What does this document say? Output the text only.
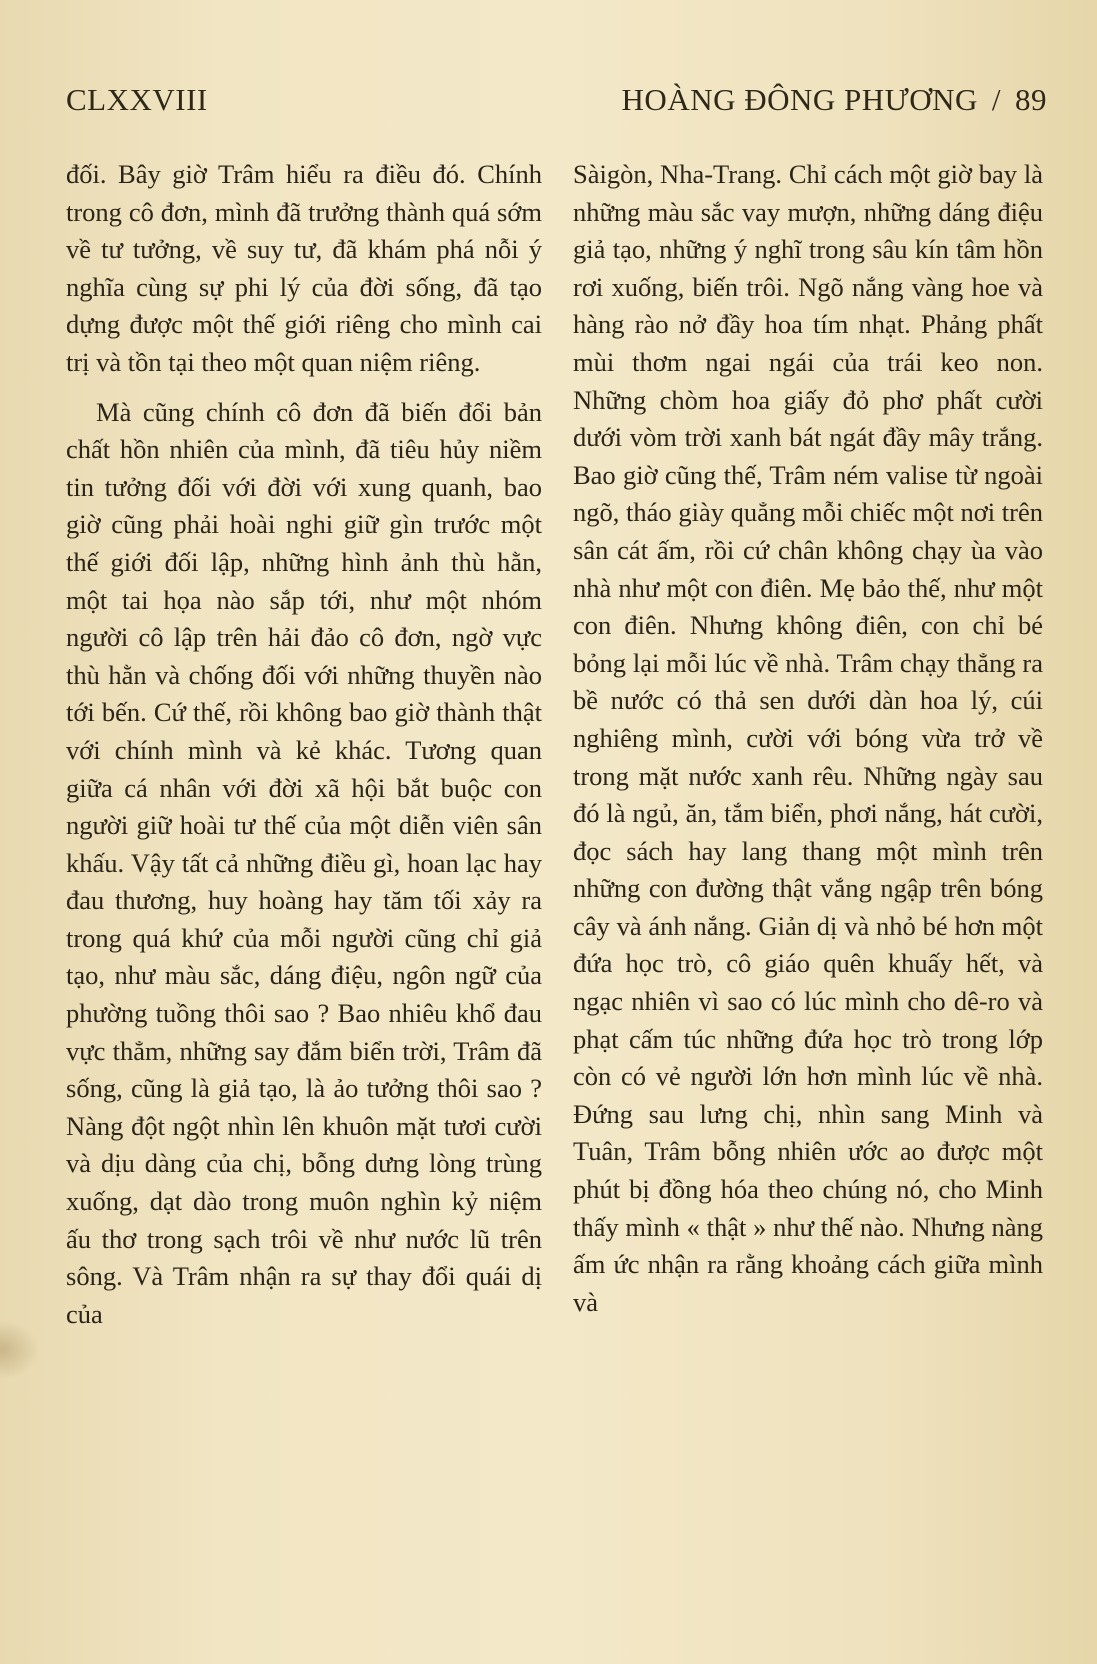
CLXXVIII	HOÀNG ĐÔNG PHƯƠNG / 89

đối. Bây giờ Trâm hiểu ra điều đó. Chính trong cô đơn, mình đã trưởng thành quá sớm về tư tưởng, về suy tư, đã khám phá nỗi ý nghĩa cùng sự phi lý của đời sống, đã tạo dựng được một thế giới riêng cho mình cai trị và tồn tại theo một quan niệm riêng.

Mà cũng chính cô đơn đã biến đổi bản chất hồn nhiên của mình, đã tiêu hủy niềm tin tưởng đối với đời với xung quanh, bao giờ cũng phải hoài nghi giữ gìn trước một thế giới đối lập, những hình ảnh thù hằn, một tai họa nào sắp tới, như một nhóm người cô lập trên hải đảo cô đơn, ngờ vực thù hằn và chống đối với những thuyền nào tới bến. Cứ thế, rồi không bao giờ thành thật với chính mình và kẻ khác. Tương quan giữa cá nhân với đời xã hội bắt buộc con người giữ hoài tư thế của một diễn viên sân khấu. Vậy tất cả những điều gì, hoan lạc hay đau thương, huy hoàng hay tăm tối xảy ra trong quá khứ của mỗi người cũng chỉ giả tạo, như màu sắc, dáng điệu, ngôn ngữ của phường tuồng thôi sao ? Bao nhiêu khổ đau vực thẳm, những say đắm biển trời, Trâm đã sống, cũng là giả tạo, là ảo tưởng thôi sao ? Nàng đột ngột nhìn lên khuôn mặt tươi cười và dịu dàng của chị, bỗng dưng lòng trùng xuống, dạt dào trong muôn nghìn kỷ niệm ấu thơ trong sạch trôi về như nước lũ trên sông. Và Trâm nhận ra sự thay đổi quái dị của

Sàigòn, Nha-Trang. Chỉ cách một giờ bay là những màu sắc vay mượn, những dáng điệu giả tạo, những ý nghĩ trong sâu kín tâm hồn rơi xuống, biến trôi. Ngõ nắng vàng hoe và hàng rào nở đầy hoa tím nhạt. Phảng phất mùi thơm ngai ngái của trái keo non. Những chòm hoa giấy đỏ phơ phất cười dưới vòm trời xanh bát ngát đầy mây trắng. Bao giờ cũng thế, Trâm ném valise từ ngoài ngõ, tháo giày quẳng mỗi chiếc một nơi trên sân cát ấm, rồi cứ chân không chạy ùa vào nhà như một con điên. Mẹ bảo thế, như một con điên. Nhưng không điên, con chỉ bé bỏng lại mỗi lúc về nhà. Trâm chạy thẳng ra bề nước có thả sen dưới dàn hoa lý, cúi nghiêng mình, cười với bóng vừa trở về trong mặt nước xanh rêu. Những ngày sau đó là ngủ, ăn, tắm biển, phơi nắng, hát cười, đọc sách hay lang thang một mình trên những con đường thật vắng ngập trên bóng cây và ánh nắng. Giản dị và nhỏ bé hơn một đứa học trò, cô giáo quên khuấy hết, và ngạc nhiên vì sao có lúc mình cho dê-ro và phạt cấm túc những đứa học trò trong lớp còn có vẻ người lớn hơn mình lúc về nhà. Đứng sau lưng chị, nhìn sang Minh và Tuân, Trâm bỗng nhiên ước ao được một phút bị đồng hóa theo chúng nó, cho Minh thấy mình « thật » như thế nào. Nhưng nàng ấm ức nhận ra rằng khoảng cách giữa mình và
